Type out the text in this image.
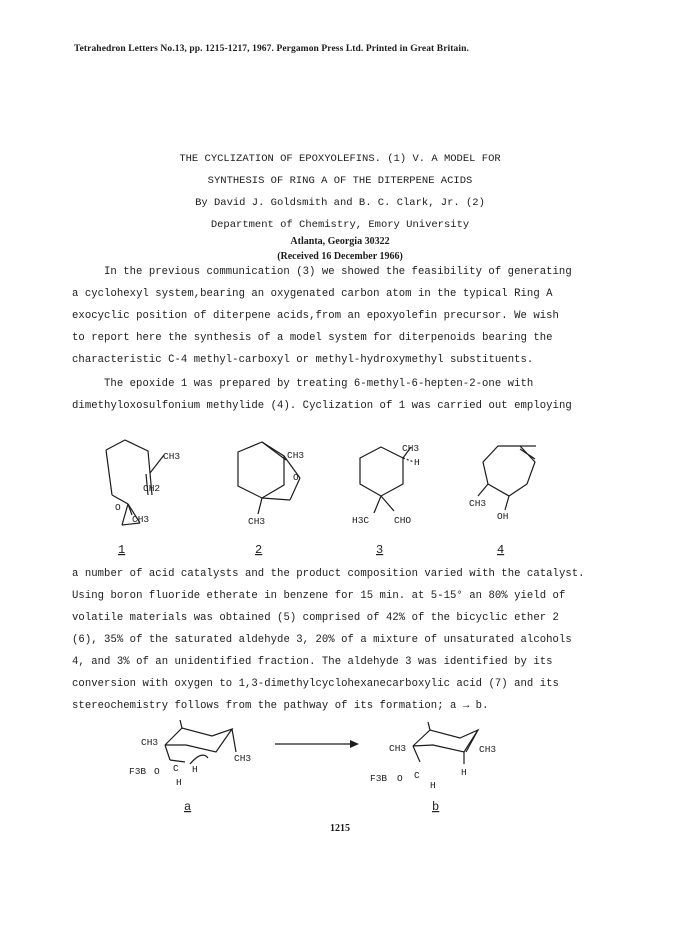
Tetrahedron Letters No.13, pp. 1215-1217, 1967. Pergamon Press Ltd. Printed in Great Britain.
THE CYCLIZATION OF EPOXYOLEFINS. (1) V. A MODEL FOR
SYNTHESIS OF RING A OF THE DITERPENE ACIDS
By David J. Goldsmith and B. C. Clark, Jr. (2)
Department of Chemistry, Emory University
Atlanta, Georgia 30322
(Received 16 December 1966)
In the previous communication (3) we showed the feasibility of generating
a cyclohexyl system,bearing an oxygenated carbon atom in the typical Ring A
exocyclic position of diterpene acids,from an epoxyolefin precursor. We wish
to report here the synthesis of a model system for diterpenoids bearing the
characteristic C-4 methyl-carboxyl or methyl-hydroxymethyl substituents.
The epoxide 1 was prepared by treating 6-methyl-6-hepten-2-one with
dimethyloxosulfonium methylide (4). Cyclization of 1 was carried out employing
CH3
CH2
O
CH3
CH3
O
CH3
CH3
H
H3C	CHO
CH3
OH
1	2	3	4
a number of acid catalysts and the product composition varied with the catalyst.
Using boron fluoride etherate in benzene for 15 min. at 5-15° an 80% yield of
volatile materials was obtained (5) comprised of 42% of the bicyclic ether 2
(6), 35% of the saturated aldehyde 3, 20% of a mixture of unsaturated alcohols
4, and 3% of an unidentified fraction. The aldehyde 3 was identified by its
conversion with oxygen to 1,3-dimethylcyclohexanecarboxylic acid (7) and its
stereochemistry follows from the pathway of its formation; a → b.
CH3
CH3
F3B O C H
H
CH3	CH3
H
F3B O C
H
a	b
1215
